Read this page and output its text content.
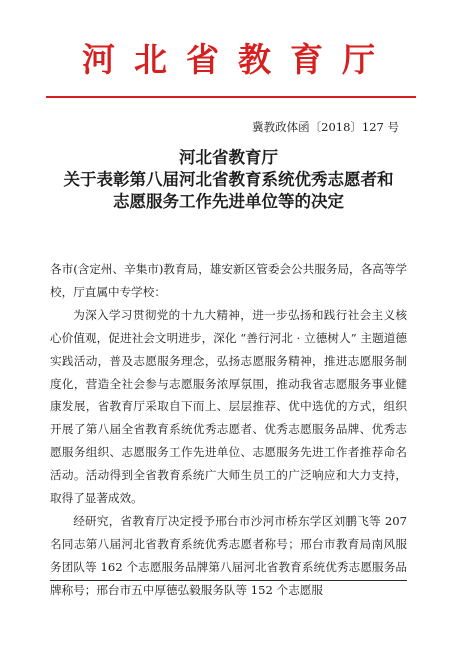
河北省教育厅
冀教政体函〔2018〕127 号
河北省教育厅
关于表彰第八届河北省教育系统优秀志愿者和
志愿服务工作先进单位等的决定

各市(含定州、辛集市)教育局，雄安新区管委会公共服务局，各高等学校，厅直属中专学校：

为深入学习贯彻党的十九大精神，进一步弘扬和践行社会主义核心价值观，促进社会文明进步，深化 “善行河北 · 立德树人” 主题道德实践活动，普及志愿服务理念，弘扬志愿服务精神，推进志愿服务制度化，营造全社会参与志愿服务浓厚氛围，推动我省志愿服务事业健康发展，省教育厅采取自下而上、层层推荐、优中选优的方式，组织开展了第八届全省教育系统优秀志愿者、优秀志愿服务品牌、优秀志愿服务组织、志愿服务工作先进单位、志愿服务先进工作者推荐命名活动。活动得到全省教育系统广大师生员工的广泛响应和大力支持，取得了显著成效。

经研究，省教育厅决定授予邢台市沙河市桥东学区刘鹏飞等 207 名同志第八届河北省教育系统优秀志愿者称号；邢台市教育局南风服务团队等 162 个志愿服务品牌第八届河北省教育系统优秀志愿服务品牌称号；邢台市五中厚德弘毅服务队等 152 个志愿服
